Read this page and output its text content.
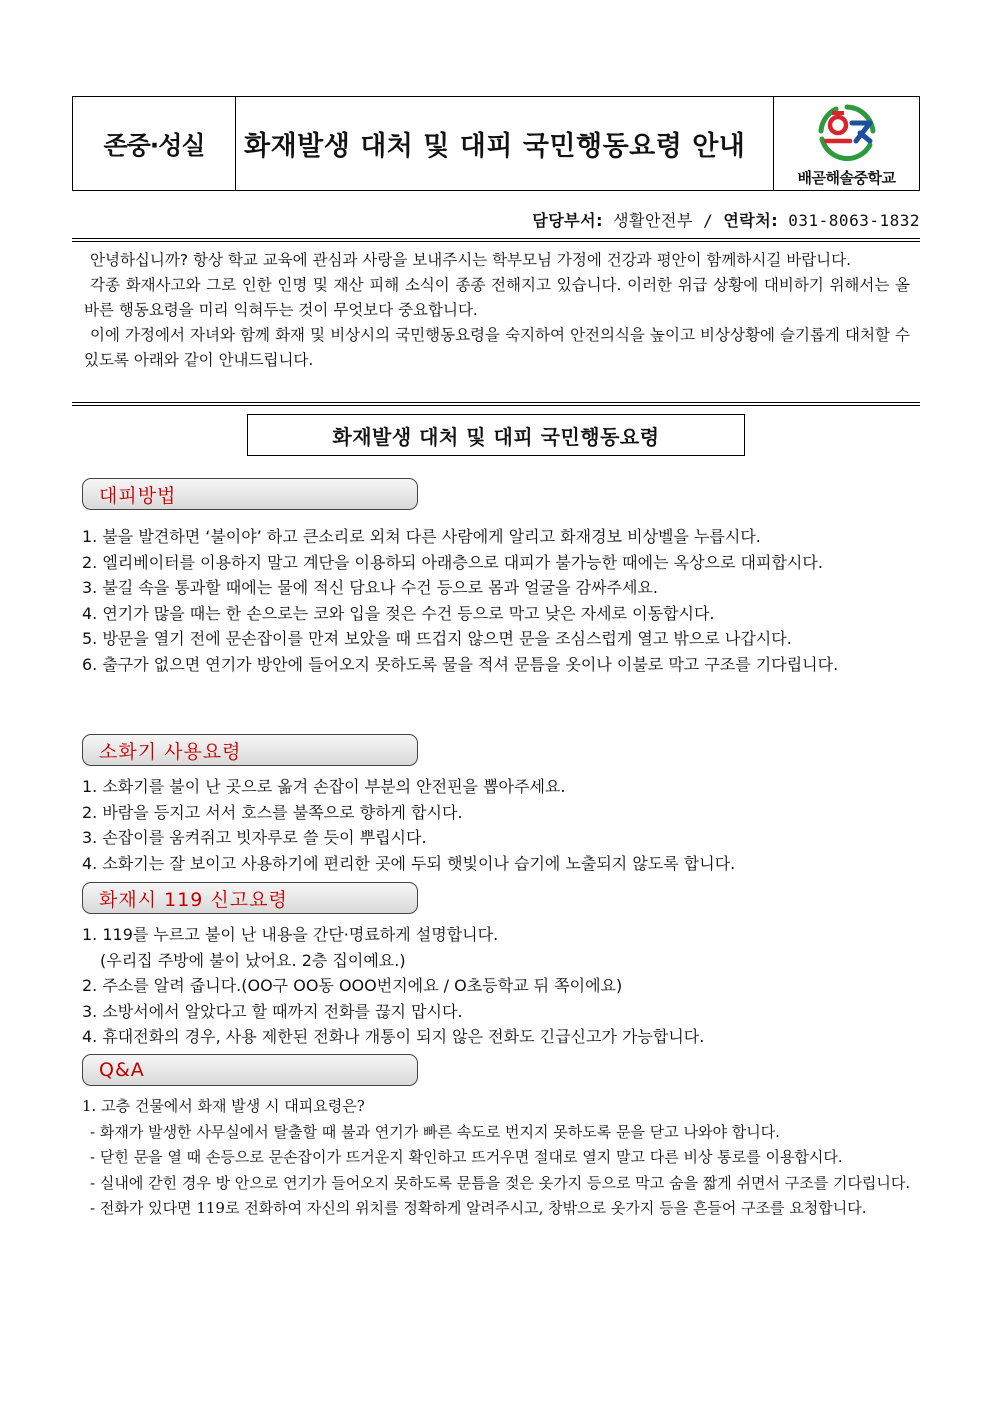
존중·성실	화재발생 대처 및 대피 국민행동요령 안내
배곧해솔중학교
담당부서: 생활안전부 / 연락처: 031-8063-1832

안녕하십니까? 항상 학교 교육에 관심과 사랑을 보내주시는 학부모님 가정에 건강과 평안이 함께하시길 바랍니다.

각종 화재사고와 그로 인한 인명 및 재산 피해 소식이 종종 전해지고 있습니다. 이러한 위급 상황에 대비하기 위해서는 올바른 행동요령을 미리 익혀두는 것이 무엇보다 중요합니다.

이에 가정에서 자녀와 함께 화재 및 비상시의 국민행동요령을 숙지하여 안전의식을 높이고 비상상황에 슬기롭게 대처할 수 있도록 아래와 같이 안내드립니다.

화재발생 대처 및 대피 국민행동요령
대피방법
1. 불을 발견하면 ‘불이야’ 하고 큰소리로 외쳐 다른 사람에게 알리고 화재경보 비상벨을 누릅시다.
2. 엘리베이터를 이용하지 말고 계단을 이용하되 아래층으로 대피가 불가능한 때에는 옥상으로 대피합시다.
3. 불길 속을 통과할 때에는 물에 적신 담요나 수건 등으로 몸과 얼굴을 감싸주세요.
4. 연기가 많을 때는 한 손으로는 코와 입을 젖은 수건 등으로 막고 낮은 자세로 이동합시다.
5. 방문을 열기 전에 문손잡이를 만져 보았을 때 뜨겁지 않으면 문을 조심스럽게 열고 밖으로 나갑시다.
6. 출구가 없으면 연기가 방안에 들어오지 못하도록 물을 적셔 문틈을 옷이나 이불로 막고 구조를 기다립니다.
소화기 사용요령
1. 소화기를 불이 난 곳으로 옮겨 손잡이 부분의 안전핀을 뽑아주세요.
2. 바람을 등지고 서서 호스를 불쪽으로 향하게 합시다.
3. 손잡이를 움켜쥐고 빗자루로 쓸 듯이 뿌립시다.
4. 소화기는 잘 보이고 사용하기에 편리한 곳에 두되 햇빛이나 습기에 노출되지 않도록 합니다.
화재시 119 신고요령
1. 119를 누르고 불이 난 내용을 간단·명료하게 설명합니다.
(우리집 주방에 불이 났어요. 2층 집이예요.)
2. 주소를 알려 줍니다.(OO구 OO동 OOO번지에요 / O초등학교 뒤 쪽이에요)
3. 소방서에서 알았다고 할 때까지 전화를 끊지 맙시다.
4. 휴대전화의 경우, 사용 제한된 전화나 개통이 되지 않은 전화도 긴급신고가 가능합니다.
Q&A
1. 고층 건물에서 화재 발생 시 대피요령은?
- 화재가 발생한 사무실에서 탈출할 때 불과 연기가 빠른 속도로 번지지 못하도록 문을 닫고 나와야 합니다.
- 닫힌 문을 열 때 손등으로 문손잡이가 뜨거운지 확인하고 뜨거우면 절대로 열지 말고 다른 비상 통로를 이용합시다.
- 실내에 갇힌 경우 방 안으로 연기가 들어오지 못하도록 문틈을 젖은 옷가지 등으로 막고 숨을 짧게 쉬면서 구조를 기다립니다.
- 전화가 있다면 119로 전화하여 자신의 위치를 정확하게 알려주시고, 창밖으로 옷가지 등을 흔들어 구조를 요청합니다.
